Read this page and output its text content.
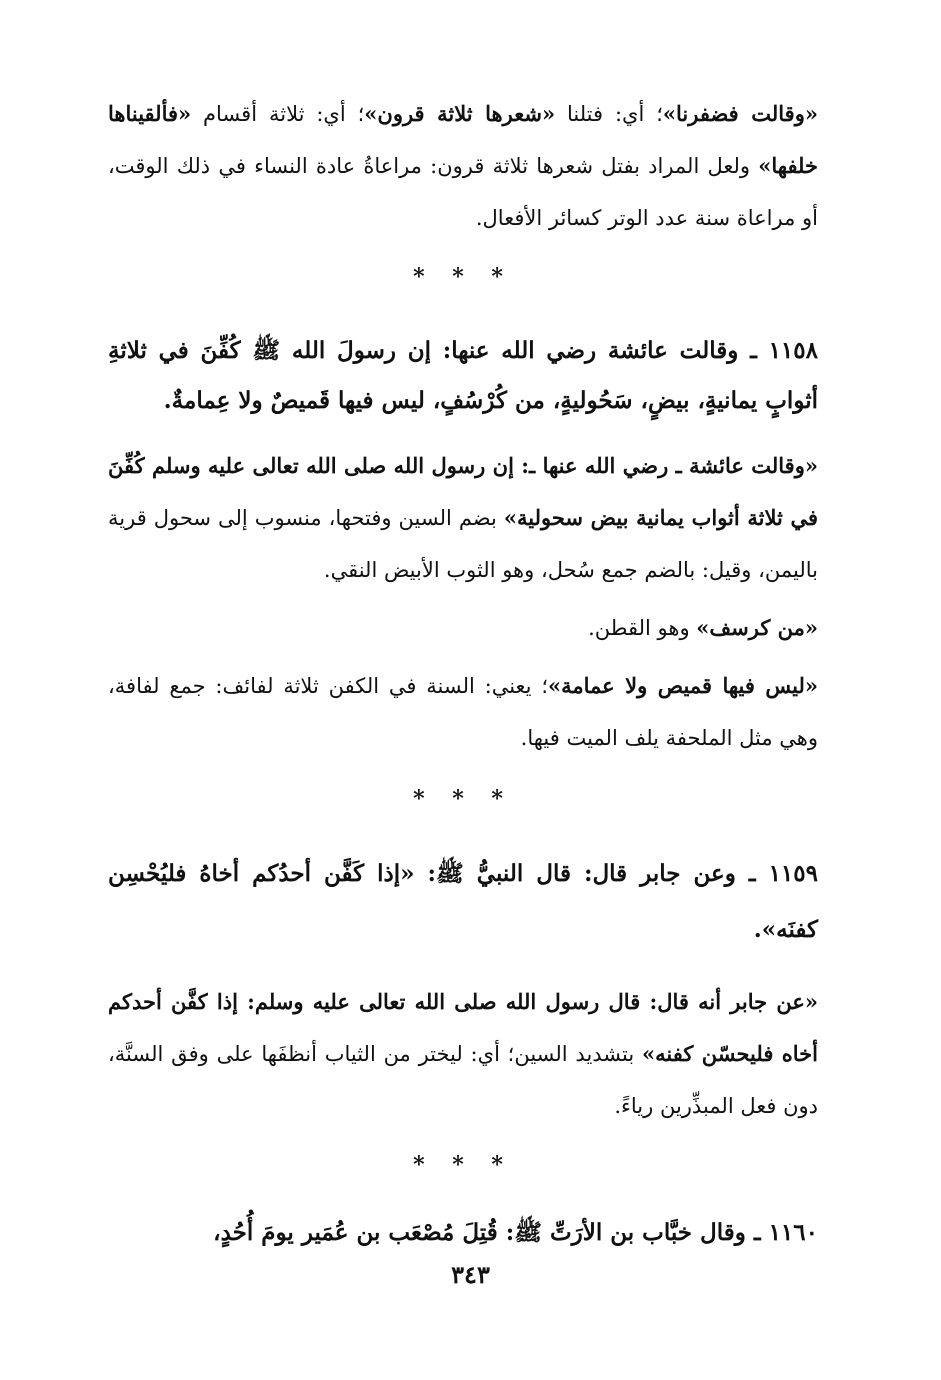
«وقالت فضفرنا»؛ أي: فتلنا «شعرها ثلاثة قرون»؛ أي: ثلاثة أقسام «فألقيناها خلفها» ولعل المراد بفتل شعرها ثلاثة قرون: مراعاةُ عادة النساء في ذلك الوقت، أو مراعاة سنة عدد الوتر كسائر الأفعال.

* * *

١١٥٨ ـ وقالت عائشة رضي الله عنها: إن رسولَ الله ﷺ كُفِّنَ في ثلاثةِ أثوابٍ يمانيةٍ، بيضٍ، سَحُوليةٍ، من كُرْسُفٍ، ليس فيها قَميصٌ ولا عِمامةٌ.

«وقالت عائشة ـ رضي الله عنها ـ: إن رسول الله صلى الله تعالى عليه وسلم كُفِّنَ في ثلاثة أثواب يمانية بيض سحولية» بضم السين وفتحها، منسوب إلى سحول قرية باليمن، وقيل: بالضم جمع سُحل، وهو الثوب الأبيض النقي.

«من كرسف» وهو القطن.

«ليس فيها قميص ولا عمامة»؛ يعني: السنة في الكفن ثلاثة لفائف: جمع لفافة، وهي مثل الملحفة يلف الميت فيها.

* * *

١١٥٩ ـ وعن جابر قال: قال النبيُّ ﷺ: «إذا كَفَّن أحدُكم أخاهُ فليُحْسِن كفنَه».

«عن جابر أنه قال: قال رسول الله صلى الله تعالى عليه وسلم: إذا كفَّن أحدكم أخاه فليحسّن كفنه» بتشديد السين؛ أي: ليختر من الثياب أنظفَها على وفق السنَّة، دون فعل المبذِّرين رياءً.

* * *

١١٦٠ ـ وقال خبَّاب بن الأرَتِّ ﷺ: قُتِلَ مُصْعَب بن عُمَير يومَ أُحُدٍ،

٣٤٣
